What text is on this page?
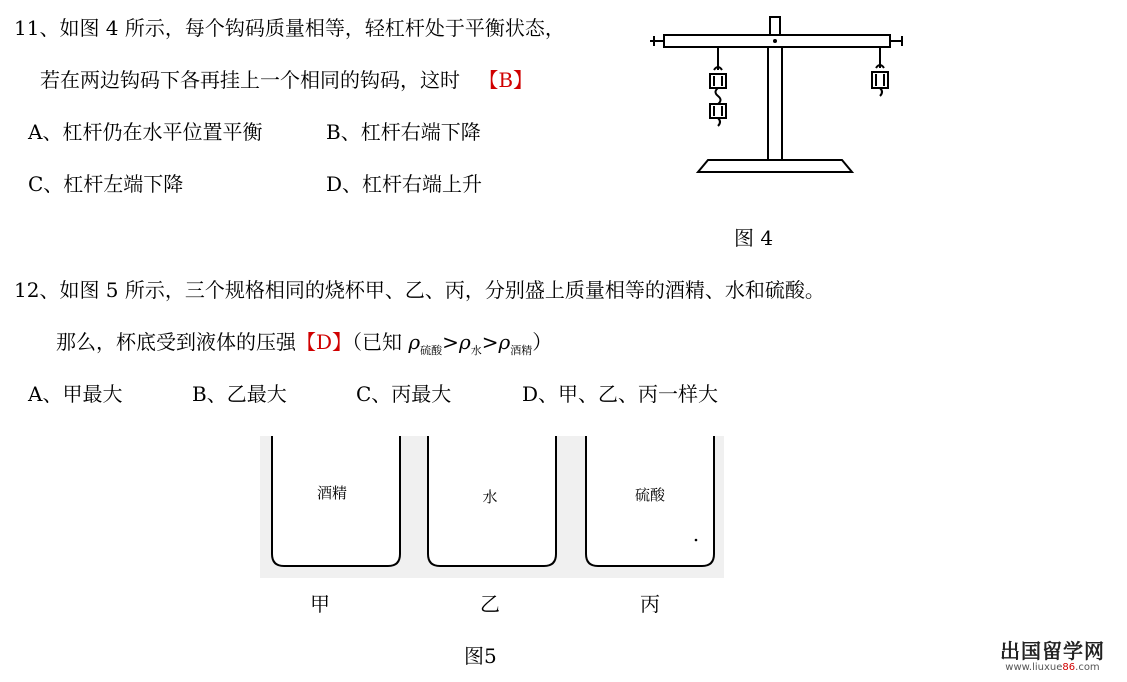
11、如图 4 所示，每个钩码质量相等，轻杠杆处于平衡状态，
若在两边钩码下各再挂上一个相同的钩码，这时 【B】
A、杠杆仍在水平位置平衡	B、杠杆右端下降
C、杠杆左端下降	D、杠杆右端上升
图 4
12、如图 5 所示，三个规格相同的烧杯甲、乙、丙，分别盛上质量相等的酒精、水和硫酸。
那么，杯底受到液体的压强【D】（已知 $\rho_{硫酸}>\rho_水>\rho_{酒精}$）
A、甲最大	B、乙最大	C、丙最大	D、甲、乙、丙一样大
酒精	水	硫酸
甲	乙	丙
图5	出国留学网
www.liuxue86.com
